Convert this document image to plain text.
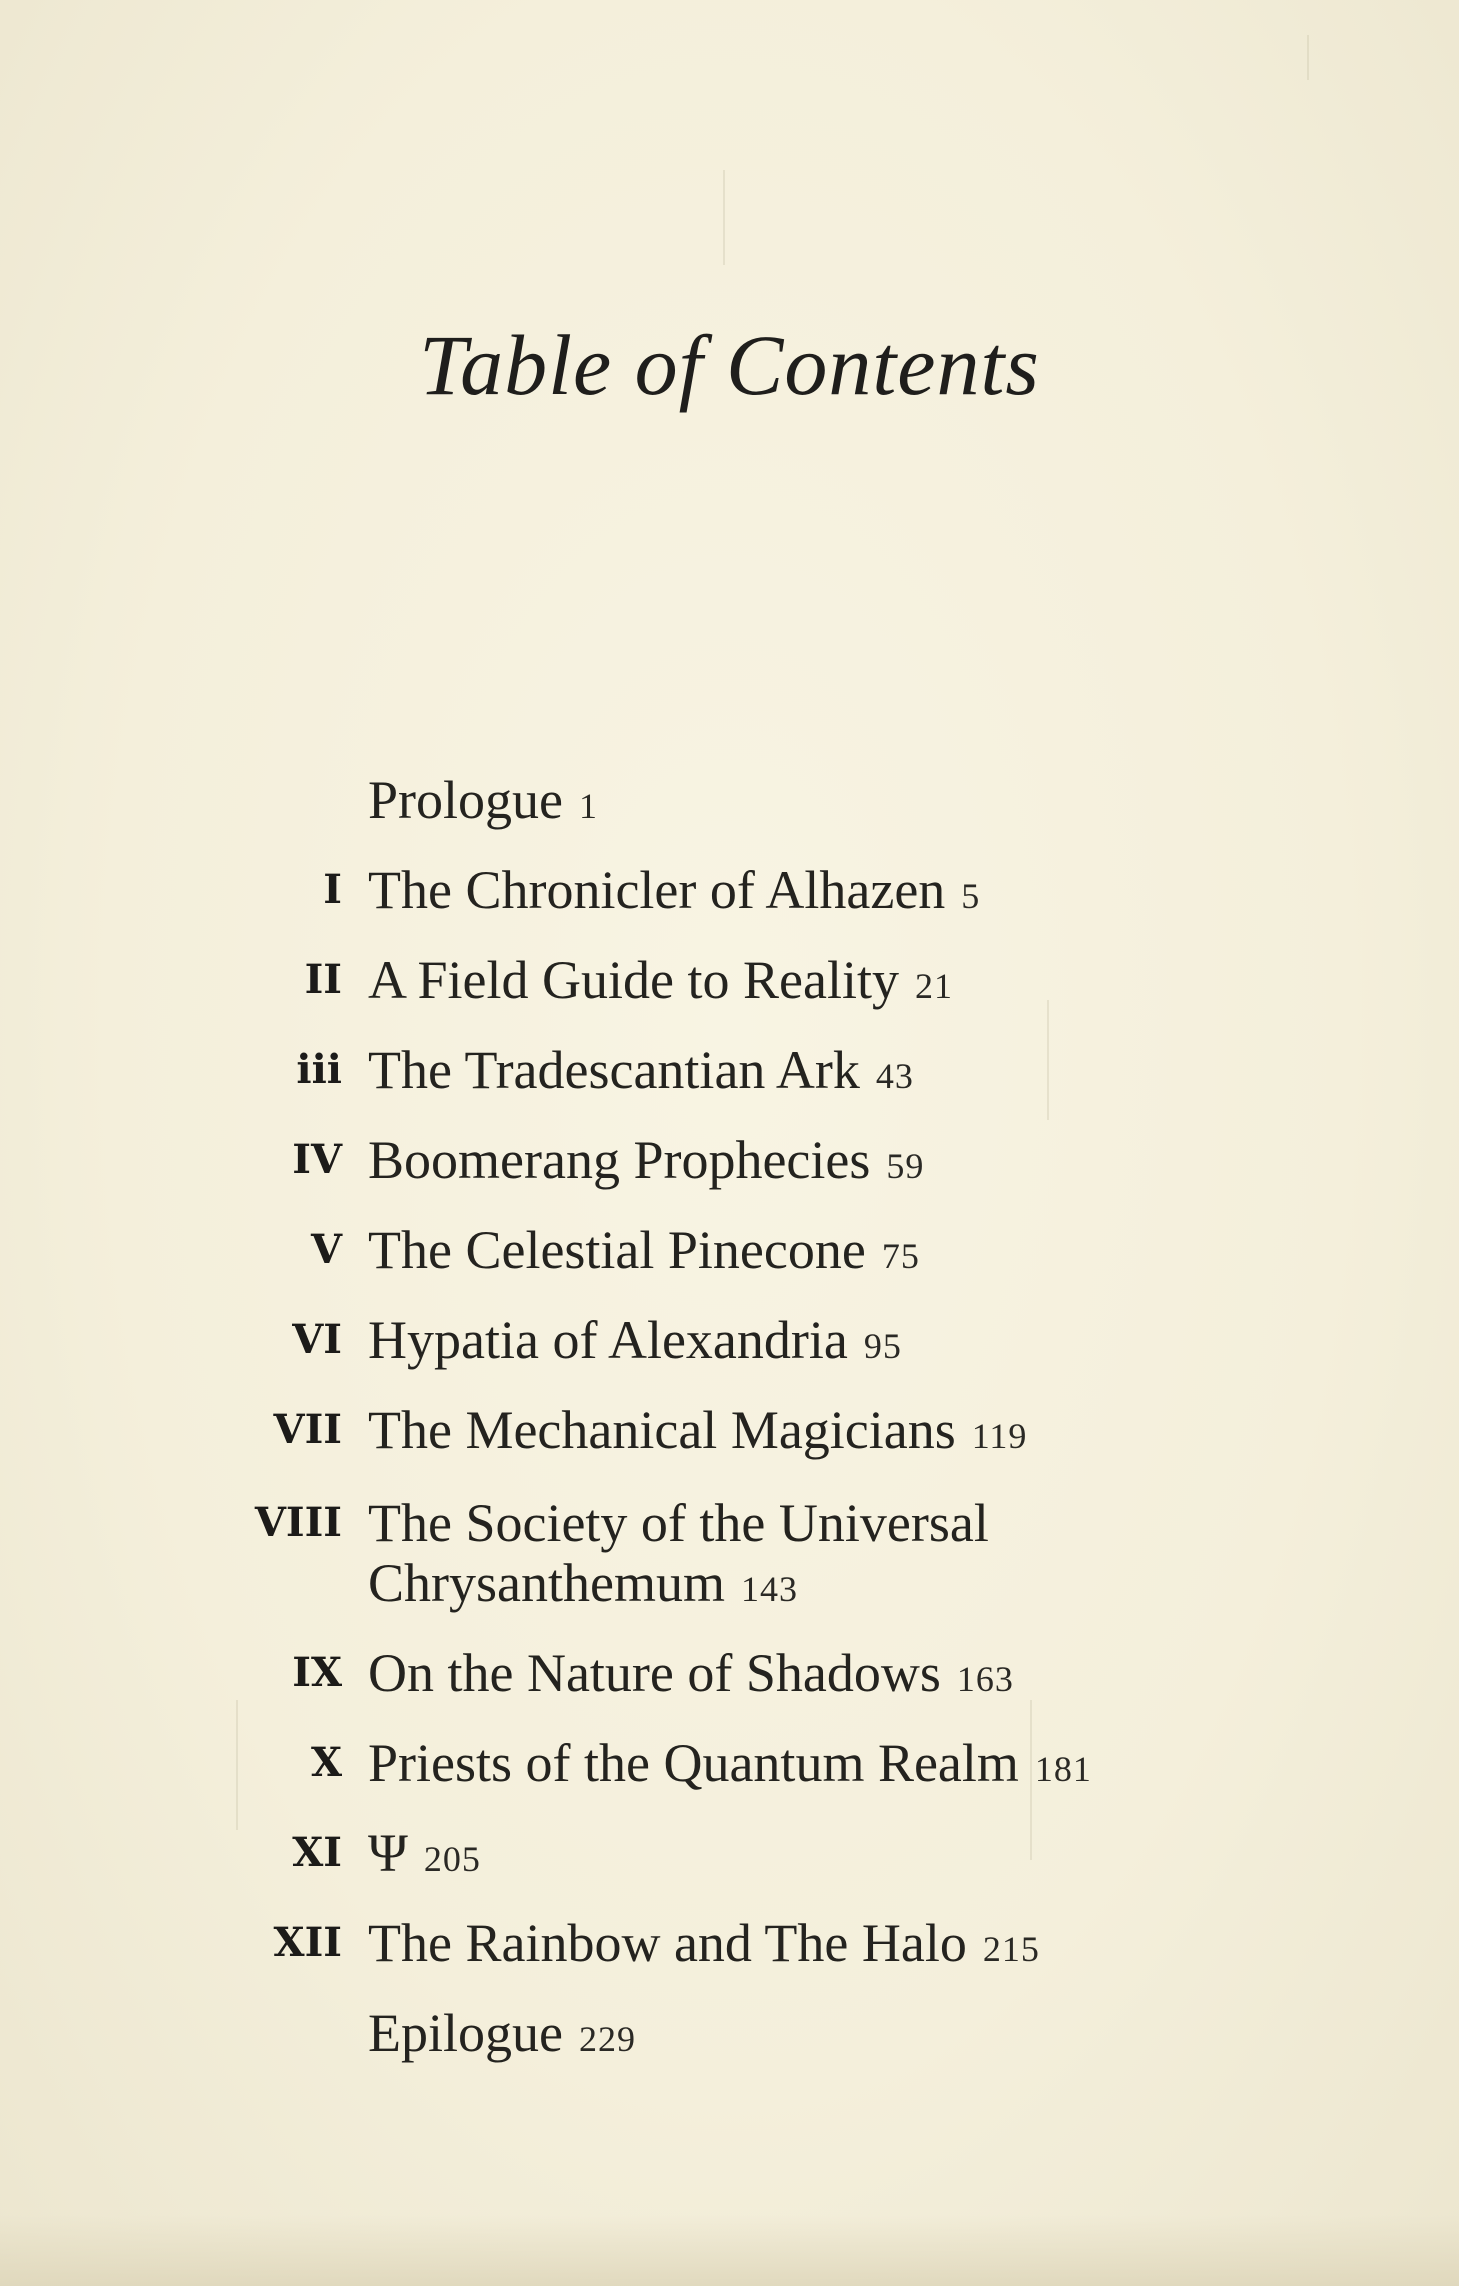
Table of Contents
Prologue 1
I The Chronicler of Alhazen 5
II A Field Guide to Reality 21
iii The Tradescantian Ark 43
IV Boomerang Prophecies 59
V The Celestial Pinecone 75
VI Hypatia of Alexandria 95
VII The Mechanical Magicians 119
VIII The Society of the Universal
Chrysanthemum 143
IX On the Nature of Shadows 163
X Priests of the Quantum Realm 181
XI Ψ 205
XII The Rainbow and The Halo 215
Epilogue 229
